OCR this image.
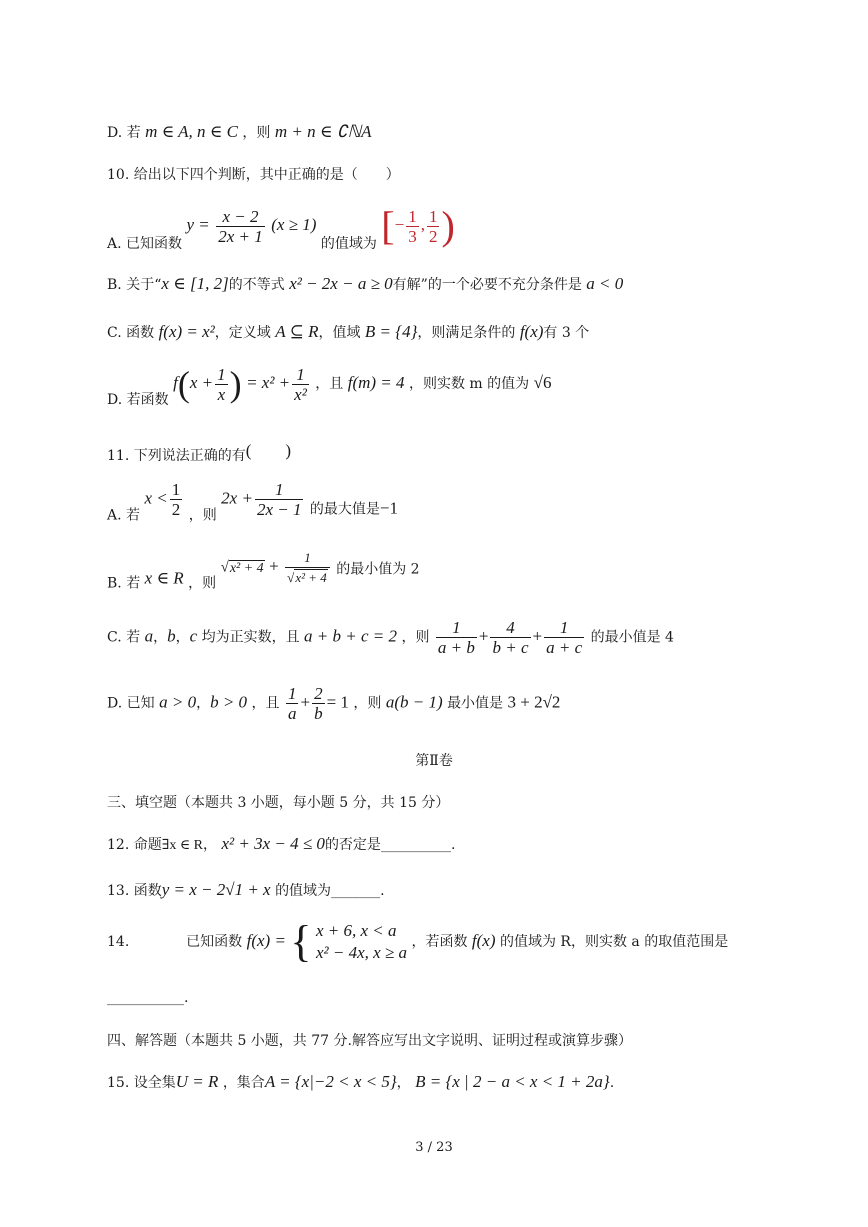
D. 若 m ∈ A, n ∈ C ，则 m + n ∈ ∁ℕA
10. 给出以下四个判断，其中正确的是（　　）
A. 已知函数 $y = \frac{x - 2}{2x + 1} (x \ge 1)$ 的值域为 [− $\frac{1}{3}$ , $\frac{1}{2}$ )
B. 关于“x ∈ [1, 2]的不等式 x² − 2x − a ≥ 0有解”的一个必要不充分条件是 a < 0
C. 函数 f(x) = x²，定义域 A ⊆ R，值域 B = {4}，则满足条件的 f(x)有 3 个
D. 若函数 $f(x + \frac{1}{x}$ ) = $x^2 + \frac{1}{\text{x²}}$ ，且 f(m) = 4 ，则实数 m 的值为 √6
11. 下列说法正确的有(　　)
A. 若 $x < \frac{1}{2}$ ，则 $2x + \frac{1}{2x - 1}$ 的最大值是−1
B. 若 x ∈ R ，则 $√x^2 + 4 + \frac{1}{\text{√x² + 4}}$ 的最小值为 2
C. 若 a，b，c 均为正实数，且 a + b + c = 2 ，则 $\frac{1}{a + b} + \frac{4}{b + c} + \frac{1}{a + c}$ 的最小值是 4
D. 已知 a > 0，b > 0 ，且 $\frac{1}{a} + \frac{2}{b} = 1$ ，则 a(b − 1) 最小值是 3 + 2√2
第Ⅱ卷
三、填空题（本题共 3 小题，每小题 5 分，共 15 分）
12. 命题∃x ∈ R， x² + 3x − 4 ≤ 0的否定是__________.
13. 函数y = x − 2√1 + x 的值域为_______.
14.	已知函数 f(x) = { x + 6, x < a
x² − 4x, x ≥ a
，若函数 f(x) 的值域为 R，则实数 a 的取值范围是
___________.
四、解答题（本题共 5 小题，共 77 分.解答应写出文字说明、证明过程或演算步骤）
15. 设全集U = R ，集合A = {x|−2 < x < 5}， B = {x | 2 − a < x < 1 + 2a}.
3 / 23
